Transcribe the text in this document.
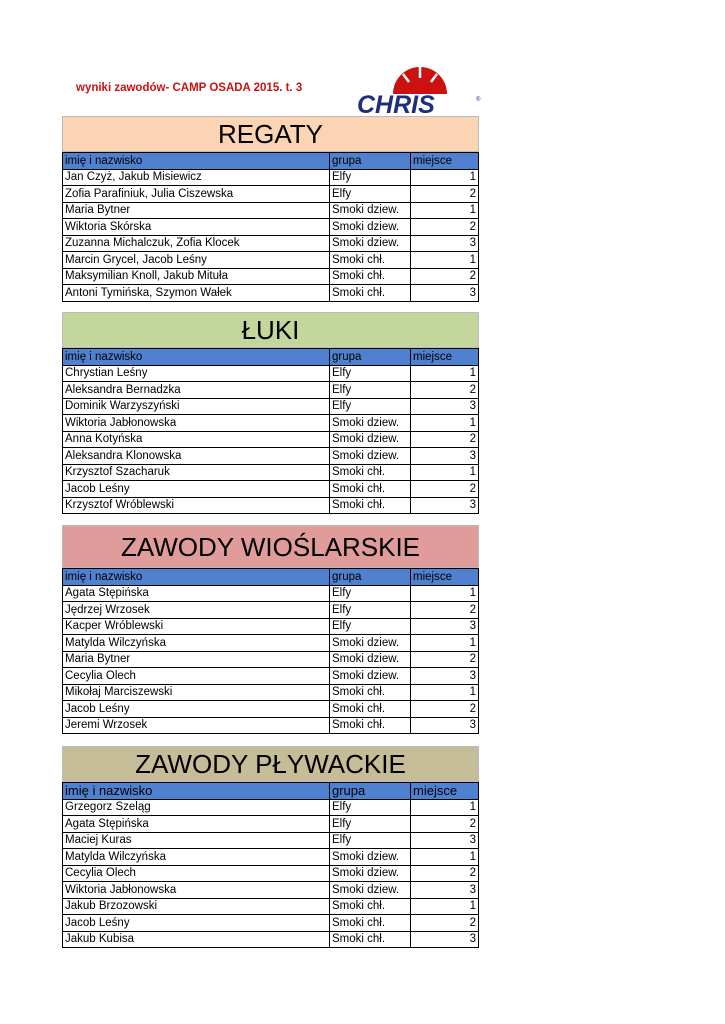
wyniki zawodów- CAMP OSADA 2015. t. 3
CHRIS	®
REGATY
imię i nazwisko	grupa	miejsce
Jan Czyż, Jakub Misiewicz	Elfy	1
Zofia Parafiniuk, Julia Ciszewska	Elfy	2
Maria Bytner	Smoki dziew.	1
Wiktoria Skórska	Smoki dziew.	2
Zuzanna Michalczuk, Zofia Klocek	Smoki dziew.	3
Marcin Grycel, Jacob Leśny	Smoki chł.	1
Maksymilian Knoll, Jakub Mituła	Smoki chł.	2
Antoni Tymińska, Szymon Wałek	Smoki chł.	3
ŁUKI
imię i nazwisko	grupa	miejsce
Chrystian Leśny	Elfy	1
Aleksandra Bernadzka	Elfy	2
Dominik Warzyszyński	Elfy	3
Wiktoria Jabłonowska	Smoki dziew.	1
Anna Kotyńska	Smoki dziew.	2
Aleksandra Klonowska	Smoki dziew.	3
Krzysztof Szacharuk	Smoki chł.	1
Jacob Leśny	Smoki chł.	2
Krzysztof Wróblewski	Smoki chł.	3
ZAWODY WIOŚLARSKIE
imię i nazwisko	grupa	miejsce
Agata Stępińska	Elfy	1
Jędrzej Wrzosek	Elfy	2
Kacper Wróblewski	Elfy	3
Matylda Wilczyńska	Smoki dziew.	1
Maria Bytner	Smoki dziew.	2
Cecylia Olech	Smoki dziew.	3
Mikołaj Marciszewski	Smoki chł.	1
Jacob Leśny	Smoki chł.	2
Jeremi Wrzosek	Smoki chł.	3
ZAWODY PŁYWACKIE
imię i nazwisko	grupa	miejsce
Grzegorz Szeląg	Elfy	1
Agata Stępińska	Elfy	2
Maciej Kuras	Elfy	3
Matylda Wilczyńska	Smoki dziew.	1
Cecylia Olech	Smoki dziew.	2
Wiktoria Jabłonowska	Smoki dziew.	3
Jakub Brzozowski	Smoki chł.	1
Jacob Leśny	Smoki chł.	2
Jakub Kubisa	Smoki chł.	3
